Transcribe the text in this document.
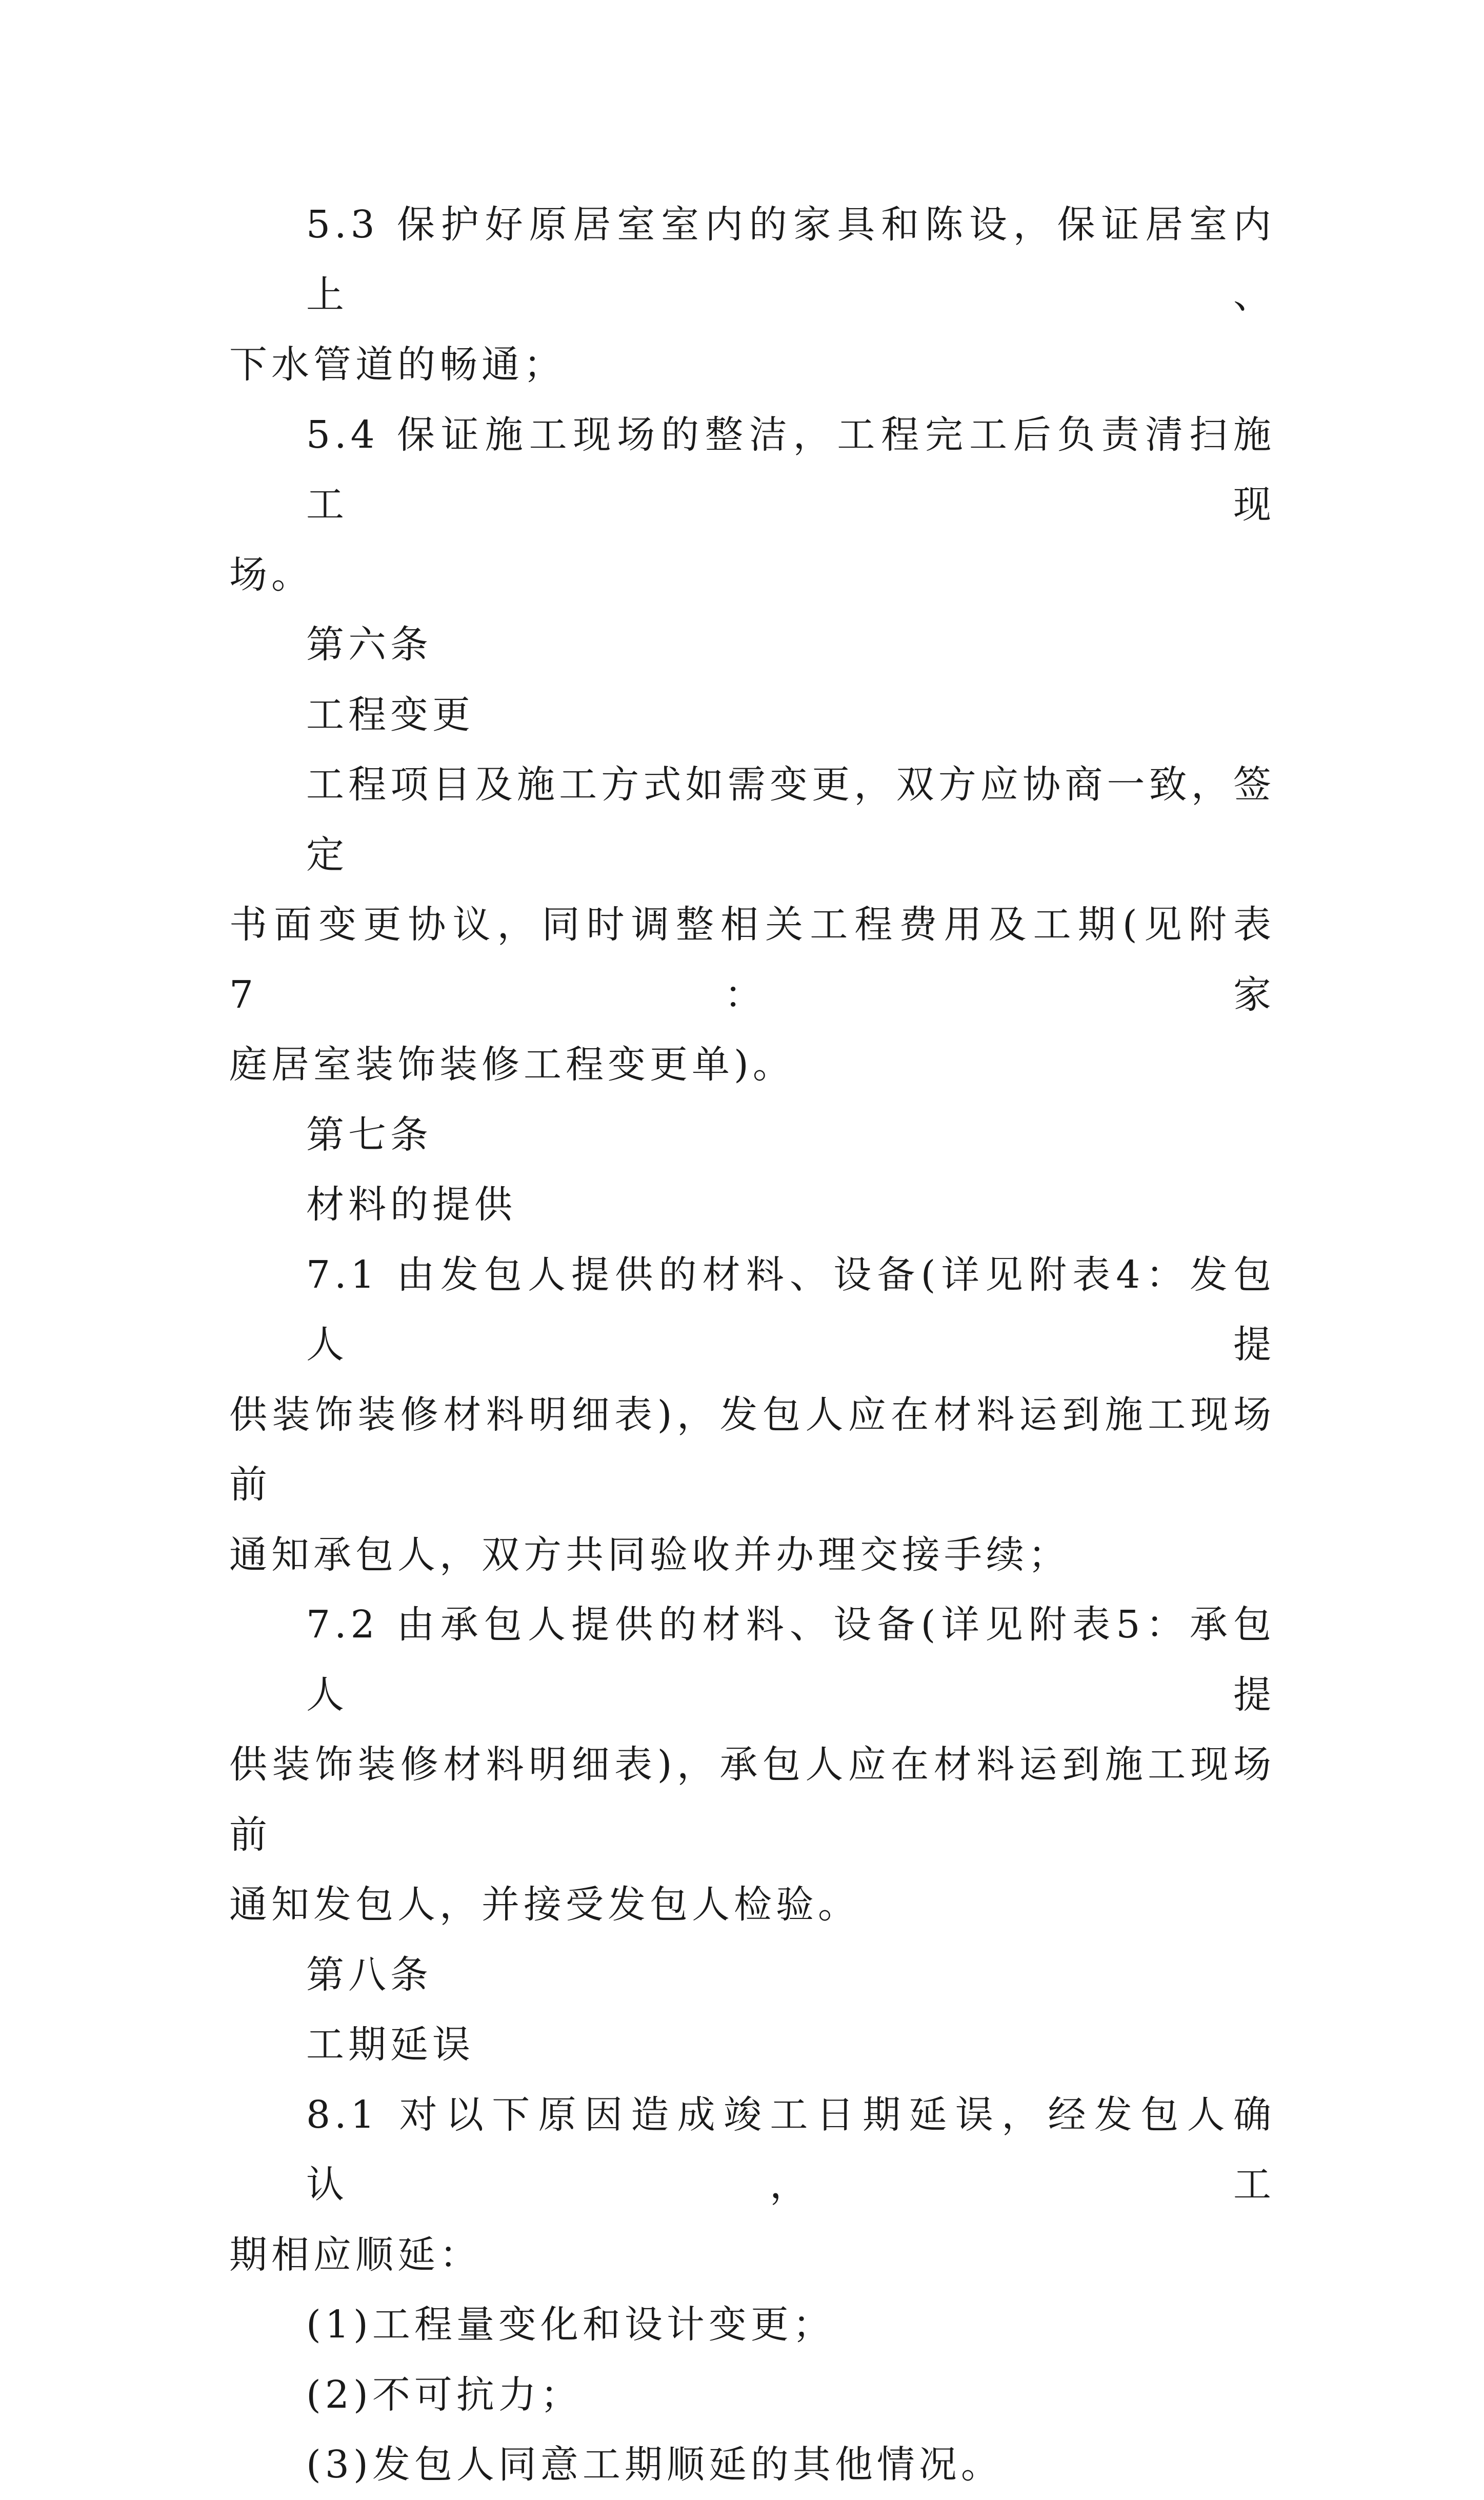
5.3 保护好原居室室内的家具和陈设，保证居室内上、
下水管道的畅通；
5.4 保证施工现场的整洁，工程完工后负责清扫施工现
场。
第六条
工程变更
工程项目及施工方式如需变更，双方应协商一致，签定
书面变更协议，同时调整相关工程费用及工期(见附表7：家
庭居室装饰装修工程变更单)。
第七条
材料的提供
7.1 由发包人提供的材料、设备(详见附表4：发包人提
供装饰装修材料明细表)，发包人应在材料运到施工现场前
通知承包人，双方共同验收并办理交接手续；
7.2 由承包人提供的材料、设备(详见附表5：承包人提
供装饰装修材料明细表)，承包人应在材料运到施工现场前
通知发包人，并接受发包人检验。
第八条
工期延误
8.1 对以下原因造成竣工日期延误，经发包人确认，工
期相应顺延：
(1)工程量变化和设计变更；
(2)不可抗力；
(3)发包人同意工期顺延的其他情况。
